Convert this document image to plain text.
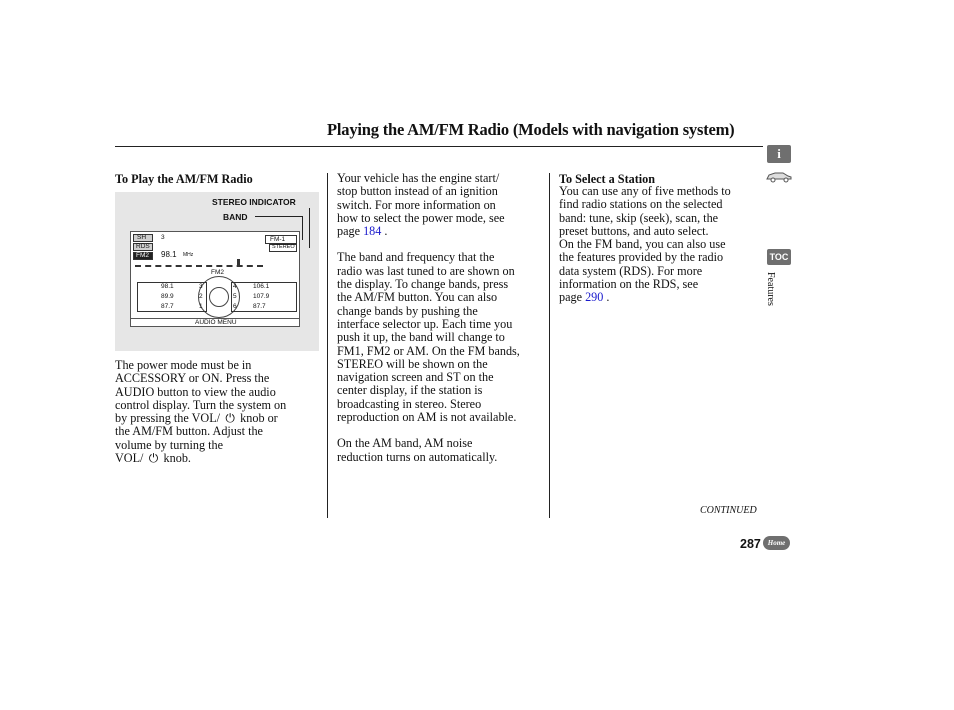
Playing the AM/FM Radio (Models with navigation system)
To Play the AM/FM Radio
STEREO INDICATOR
BAND
SH 3
RDS
FM2 98.1 MHz
FM-1
STEREO
FM2
98.1	3
89.9	2
87.7	1
4	106.1
5	107.9
6	87.7
AUDIO MENU

The power mode must be in

ACCESSORY or ON. Press the

AUDIO button to view the audio

control display. Turn the system on

by pressing the VOL/ ⏻ knob or

the AM/FM button. Adjust the

volume by turning the

VOL/ ⏻ knob.

Your vehicle has the engine start/

stop button instead of an ignition

switch. For more information on

how to select the power mode, see

page 184 .

The band and frequency that the

radio was last tuned to are shown on

the display. To change bands, press

the AM/FM button. You can also

change bands by pushing the

interface selector up. Each time you

push it up, the band will change to

FM1, FM2 or AM. On the FM bands,

STEREO will be shown on the

navigation screen and ST on the

center display, if the station is

broadcasting in stereo. Stereo

reproduction on AM is not available.

On the AM band, AM noise

reduction turns on automatically.

To Select a Station

You can use any of five methods to

find radio stations on the selected

band: tune, skip (seek), scan, the

preset buttons, and auto select.

On the FM band, you can also use

the features provided by the radio

data system (RDS). For more

information on the RDS, see

page 290 .

i
TOC
Features
CONTINUED
287 Home
